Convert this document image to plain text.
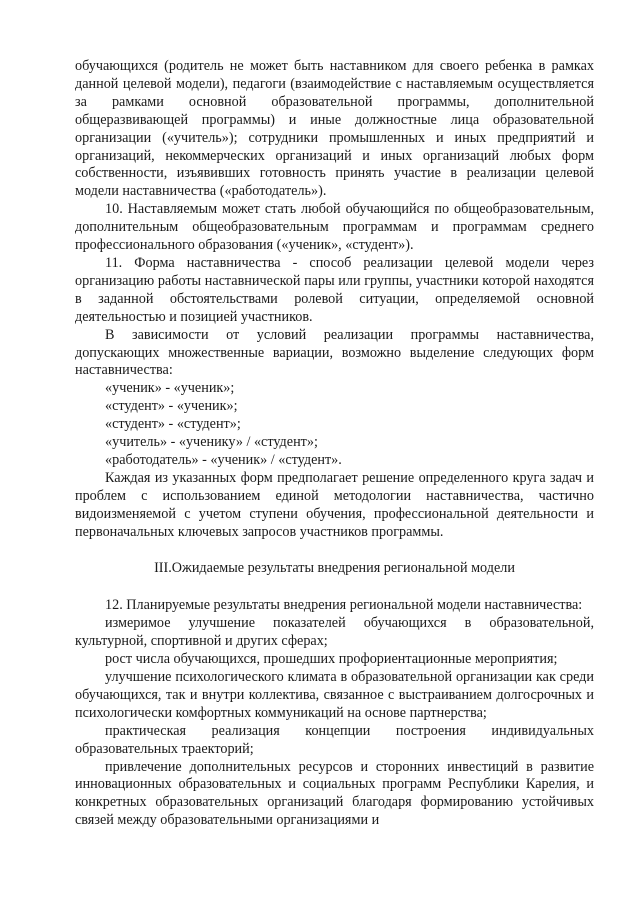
обучающихся (родитель не может быть наставником для своего ребенка в рамках данной целевой модели), педагоги (взаимодействие с наставляемым осуществляется за рамками основной образовательной программы, дополнительной общеразвивающей программы) и иные должностные лица образовательной организации («учитель»); сотрудники промышленных и иных предприятий и организаций, некоммерческих организаций и иных организаций любых форм собственности, изъявивших готовность принять участие в реализации целевой модели наставничества («работодатель»).

10. Наставляемым может стать любой обучающийся по общеобразовательным, дополнительным общеобразовательным программам и программам среднего профессионального образования («ученик», «студент»).

11. Форма наставничества - способ реализации целевой модели через организацию работы наставнической пары или группы, участники которой находятся в заданной обстоятельствами ролевой ситуации, определяемой основной деятельностью и позицией участников.

В зависимости от условий реализации программы наставничества, допускающих множественные вариации, возможно выделение следующих форм наставничества:

«ученик» - «ученик»;

«студент» - «ученик»;

«студент» - «студент»;

«учитель» - «ученику» / «студент»;

«работодатель» - «ученик» / «студент».

Каждая из указанных форм предполагает решение определенного круга задач и проблем с использованием единой методологии наставничества, частично видоизменяемой с учетом ступени обучения, профессиональной деятельности и первоначальных ключевых запросов участников программы.

III.Ожидаемые результаты внедрения региональной модели

12. Планируемые результаты внедрения региональной модели наставничества:

измеримое улучшение показателей обучающихся в образовательной, культурной, спортивной и других сферах;

рост числа обучающихся, прошедших профориентационные мероприятия;

улучшение психологического климата в образовательной организации как среди обучающихся, так и внутри коллектива, связанное с выстраиванием долгосрочных и психологически комфортных коммуникаций на основе партнерства;

практическая реализация концепции построения индивидуальных образовательных траекторий;

привлечение дополнительных ресурсов и сторонних инвестиций в развитие инновационных образовательных и социальных программ Республики Карелия, и конкретных образовательных организаций благодаря формированию устойчивых связей между образовательными организациями и
